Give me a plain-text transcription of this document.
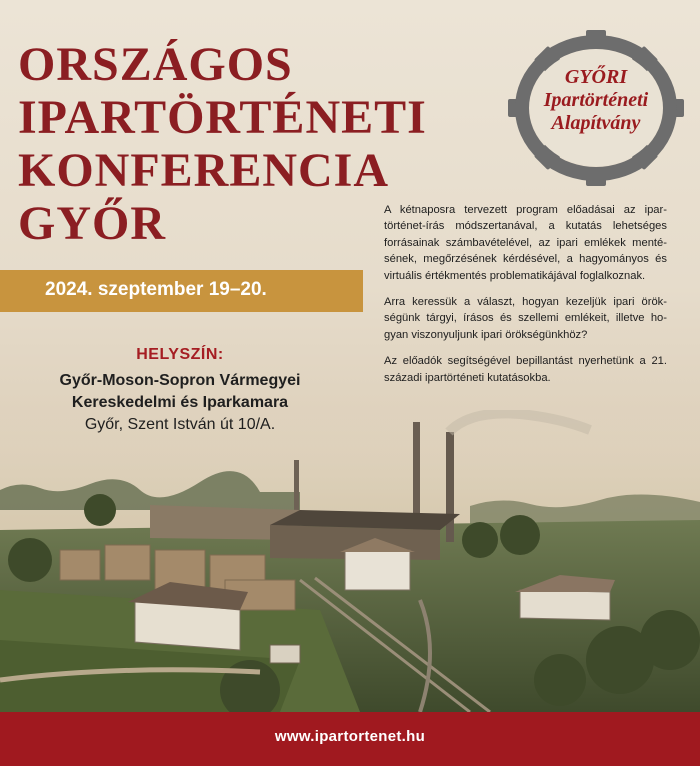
ORSZÁGOS
IPARTÖRTÉNETI
KONFERENCIA
GYŐR
GYŐRI
Ipartörténeti
Alapítvány
2024. szeptember 19–20.
HELYSZÍN:
Győr-Moson-Sopron Vármegyei
Kereskedelmi és Iparkamara
Győr, Szent István út 10/A.

A kétnaposra tervezett program előadásai az ipar-történet-írás módszertanával, a kutatás lehetséges forrásainak számbavételével, az ipari emlékek menté-sének, megőrzésének kérdésével, a hagyományos és virtuális értékmentés problematikájával foglalkoznak.

Arra keressük a választ, hogyan kezeljük ipari örök-ségünk tárgyi, írásos és szellemi emlékeit, illetve ho-gyan viszonyuljunk ipari örökségünkhöz?

Az előadók segítségével bepillantást nyerhetünk a 21. századi ipartörténeti kutatásokba.

www.ipartortenet.hu
